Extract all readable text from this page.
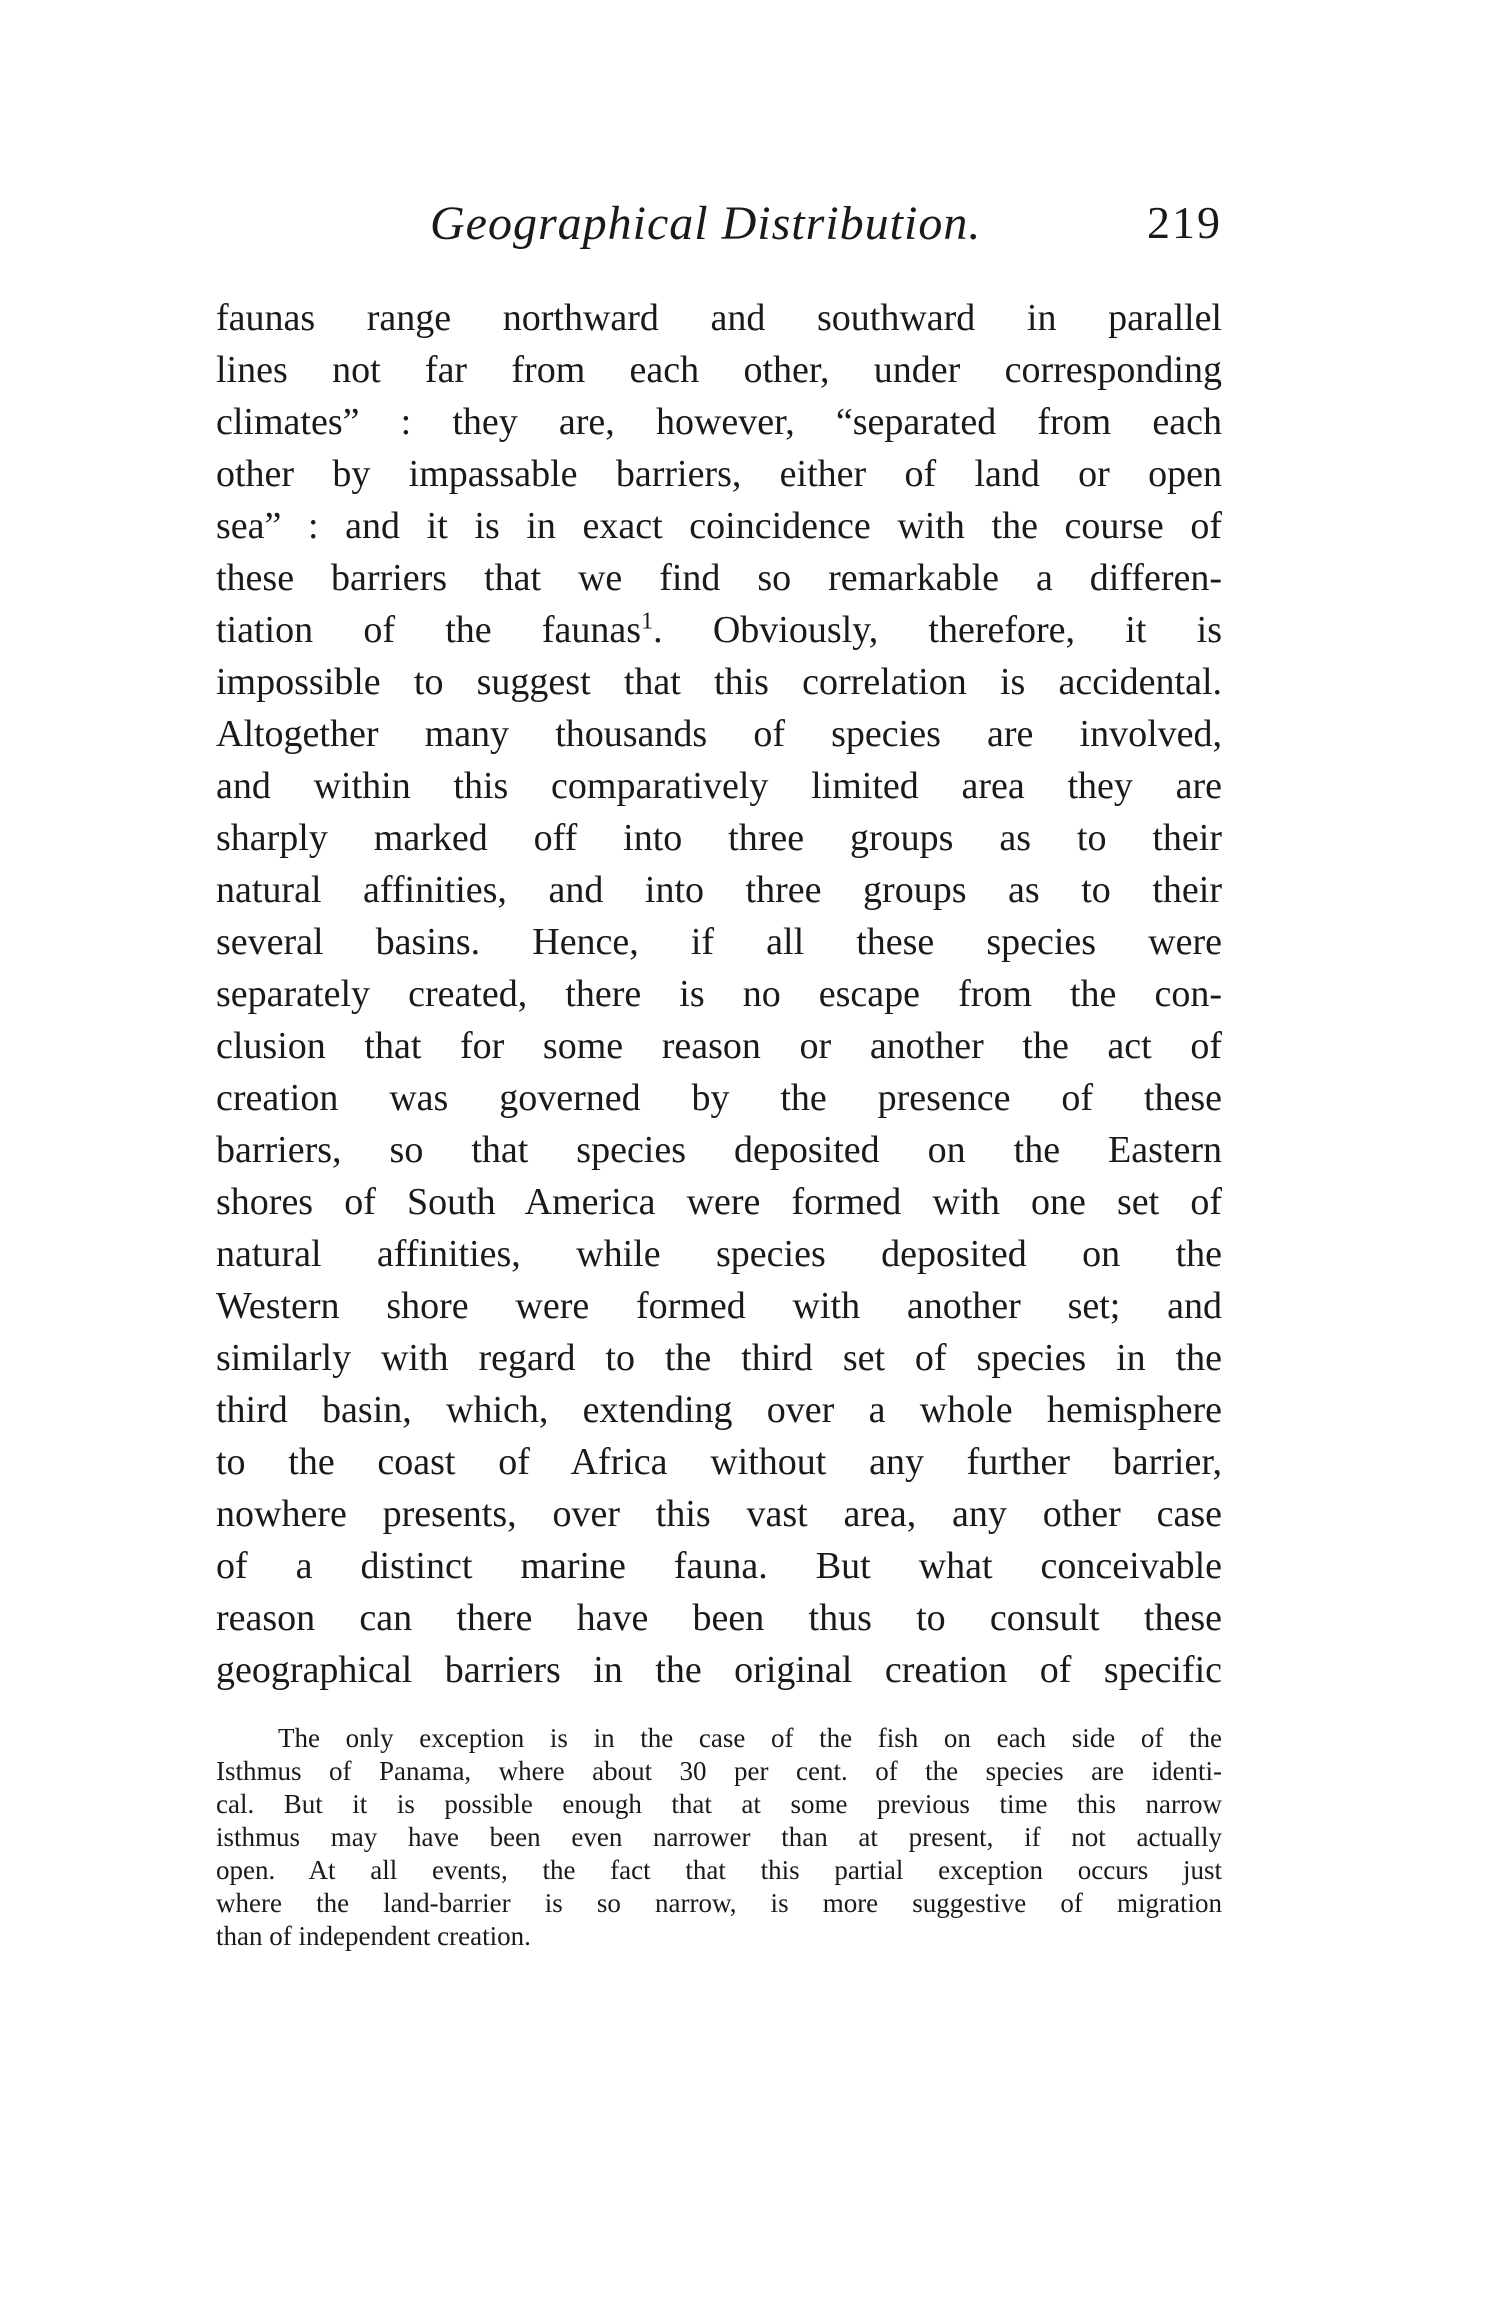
Geographical Distribution.	219
faunas range northward and southward in parallel
lines not far from each other, under corresponding
climates” : they are, however, “separated from each
other by impassable barriers, either of land or open
sea” : and it is in exact coincidence with the course of
these barriers that we find so remarkable a differen-
tiation of the faunas$^1$. Obviously, therefore, it is
impossible to suggest that this correlation is accidental.
Altogether many thousands of species are involved,
and within this comparatively limited area they are
sharply marked off into three groups as to their
natural affinities, and into three groups as to their
several basins. Hence, if all these species were
separately created, there is no escape from the con-
clusion that for some reason or another the act of
creation was governed by the presence of these
barriers, so that species deposited on the Eastern
shores of South America were formed with one set of
natural affinities, while species deposited on the
Western shore were formed with another set; and
similarly with regard to the third set of species in the
third basin, which, extending over a whole hemisphere
to the coast of Africa without any further barrier,
nowhere presents, over this vast area, any other case
of a distinct marine fauna. But what conceivable
reason can there have been thus to consult these
geographical barriers in the original creation of specific
The only exception is in the case of the fish on each side of the
Isthmus of Panama, where about 30 per cent. of the species are identi-
cal. But it is possible enough that at some previous time this narrow
isthmus may have been even narrower than at present, if not actually
open. At all events, the fact that this partial exception occurs just
where the land-barrier is so narrow, is more suggestive of migration
than of independent creation.
